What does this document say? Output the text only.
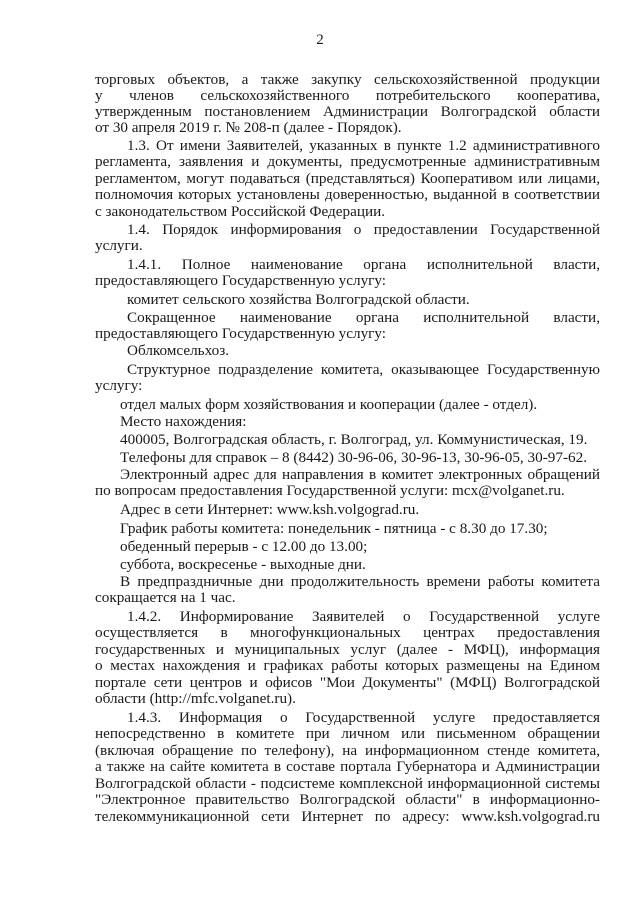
2
торговых объектов, а также закупку сельскохозяйственной продукции
у членов сельскохозяйственного потребительского кооператива,
утвержденным постановлением Администрации Волгоградской области
от 30 апреля 2019 г. № 208-п (далее - Порядок).
1.3. От имени Заявителей, указанных в пункте 1.2 административного
регламента, заявления и документы, предусмотренные административным
регламентом, могут подаваться (представляться) Кооперативом или лицами,
полномочия которых установлены доверенностью, выданной в соответствии
с законодательством Российской Федерации.
1.4. Порядок информирования о предоставлении Государственной
услуги.
1.4.1. Полное наименование органа исполнительной власти,
предоставляющего Государственную услугу:
комитет сельского хозяйства Волгоградской области.
Сокращенное наименование органа исполнительной власти,
предоставляющего Государственную услугу:
Облкомсельхоз.
Структурное подразделение комитета, оказывающее Государственную
услугу:
отдел малых форм хозяйствования и кооперации (далее - отдел).
Место нахождения:
400005, Волгоградская область, г. Волгоград, ул. Коммунистическая, 19.
Телефоны для справок – 8 (8442) 30-96-06, 30-96-13, 30-96-05, 30-97-62.
Электронный адрес для направления в комитет электронных обращений
по вопросам предоставления Государственной услуги: mcx@volganet.ru.
Адрес в сети Интернет: www.ksh.volgograd.ru.
График работы комитета: понедельник - пятница - с 8.30 до 17.30;
обеденный перерыв - с 12.00 до 13.00;
суббота, воскресенье - выходные дни.
В предпраздничные дни продолжительность времени работы комитета
сокращается на 1 час.
1.4.2. Информирование Заявителей о Государственной услуге
осуществляется в многофункциональных центрах предоставления
государственных и муниципальных услуг (далее - МФЦ), информация
о местах нахождения и графиках работы которых размещены на Едином
портале сети центров и офисов "Мои Документы" (МФЦ) Волгоградской
области (http://mfc.volganet.ru).
1.4.3. Информация о Государственной услуге предоставляется
непосредственно в комитете при личном или письменном обращении
(включая обращение по телефону), на информационном стенде комитета,
а также на сайте комитета в составе портала Губернатора и Администрации
Волгоградской области - подсистеме комплексной информационной системы
"Электронное правительство Волгоградской области" в информационно-
телекоммуникационной сети Интернет по адресу: www.ksh.volgograd.ru
